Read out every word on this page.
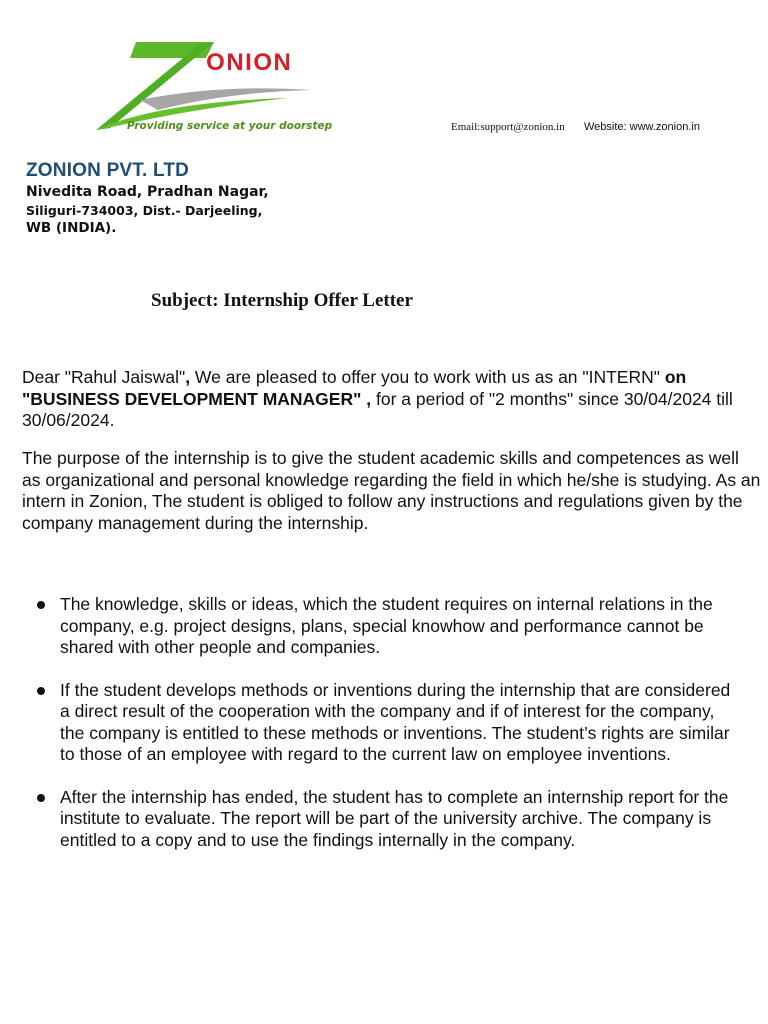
ONION
Providing service at your doorstep	Email:support@zonion.in Website: www.zonion.in
ZONION PVT. LTD
Nivedita Road, Pradhan Nagar,
Siliguri-734003, Dist.- Darjeeling,
WB (INDIA).
Subject: Internship Offer Letter
Dear "Rahul Jaiswal", We are pleased to offer you to work with us as an "INTERN" on "BUSINESS DEVELOPMENT MANAGER" , for a period of "2 months" since 30/04/2024 till 30/06/2024.
The purpose of the internship is to give the student academic skills and competences as well as organizational and personal knowledge regarding the field in which he/she is studying. As an intern in Zonion, The student is obliged to follow any instructions and regulations given by the company management during the internship.
The knowledge, skills or ideas, which the student requires on internal relations in the company, e.g. project designs, plans, special knowhow and performance cannot be shared with other people and companies.
If the student develops methods or inventions during the internship that are considered a direct result of the cooperation with the company and if of interest for the company, the company is entitled to these methods or inventions. The student’s rights are similar to those of an employee with regard to the current law on employee inventions.
After the internship has ended, the student has to complete an internship report for the institute to evaluate. The report will be part of the university archive. The company is entitled to a copy and to use the findings internally in the company.
